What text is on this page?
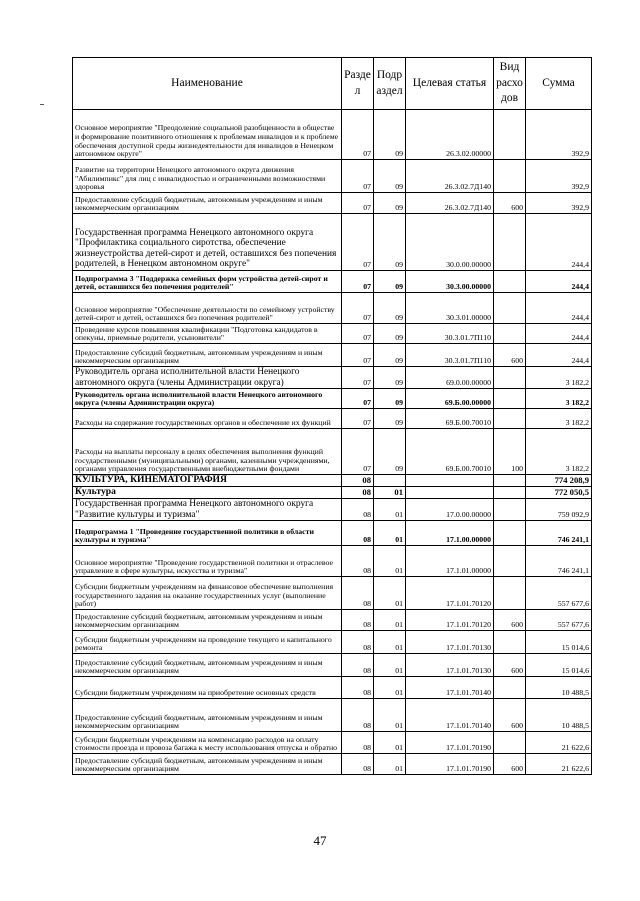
Наименование	Разде л	Подр аздел	Целевая статья	Вид расхо дов	Сумма
Основное мероприятие "Преодоление социальной разобщенности в обществе и формирование позитивного отношения к проблемам инвалидов и к проблеме обеспечения доступной среды жизнедеятельности для инвалидов в Ненецком автономном округе"	07	09	26.3.02.00000		392,9
Развитие на территории Ненецкого автономного округа движения "Абилимпикс" для лиц с инвалидностью и ограниченными возможностями здоровья	07	09	26.3.02.7Д140		392,9
Предоставление субсидий бюджетным, автономным учреждениям и иным некоммерческим организациям	07	09	26.3.02.7Д140	600	392,9
Государственная программа Ненецкого автономного округа "Профилактика социального сиротства, обеспечение жизнеустройства детей-сирот и детей, оставшихся без попечения родителей, в Ненецком автономном округе"	07	09	30.0.00.00000		244,4
Подпрограмма 3 "Поддержка семейных форм устройства детей-сирот и детей, оставшихся без попечения родителей"	07	09	30.3.00.00000		244,4
Основное мероприятие "Обеспечение деятельности по семейному устройству детей-сирот и детей, оставшихся без попечения родителей"	07	09	30.3.01.00000		244,4
Проведение курсов повышения квалификации "Подготовка кандидатов в опекуны, приемные родители, усыновители"	07	09	30.3.01.7П110		244,4
Предоставление субсидий бюджетным, автономным учреждениям и иным некоммерческим организациям	07	09	30.3.01.7П110	600	244,4
Руководитель органа исполнительной власти Ненецкого автономного округа (члены Администрации округа)	07	09	69.0.00.00000		3 182,2
Руководитель органа исполнительной власти Ненецкого автономного округа (члены Администрации округа)	07	09	69.Б.00.00000		3 182,2
Расходы на содержание государственных органов и обеспечение их функций	07	09	69.Б.00.70010		3 182,2
Расходы на выплаты персоналу в целях обеспечения выполнения функций государственными (муниципальными) органами, казенными учреждениями, органами управления государственными внебюджетными фондами	07	09	69.Б.00.70010	100	3 182,2
КУЛЬТУРА, КИНЕМАТОГРАФИЯ	08				774 208,9
Культура	08	01			772 050,5
Государственная программа Ненецкого автономного округа "Развитие культуры и туризма"	08	01	17.0.00.00000		759 092,9
Подпрограмма 1 "Проведение государственной политики в области культуры и туризма"	08	01	17.1.00.00000		746 241,1
Основное мероприятие "Проведение государственной политики и отраслевое управление в сфере культуры, искусства и туризма"	08	01	17.1.01.00000		746 241,1
Субсидии бюджетным учреждениям на финансовое обеспечение выполнения государственного задания на оказание государственных услуг (выполнение работ)	08	01	17.1.01.70120		557 677,6
Предоставление субсидий бюджетным, автономным учреждениям и иным некоммерческим организациям	08	01	17.1.01.70120	600	557 677,6
Субсидии бюджетным учреждениям на проведение текущего и капитального ремонта	08	01	17.1.01.70130		15 014,6
Предоставление субсидий бюджетным, автономным учреждениям и иным некоммерческим организациям	08	01	17.1.01.70130	600	15 014,6
Субсидии бюджетным учреждениям на приобретение основных средств	08	01	17.1.01.70140		10 488,5
Предоставление субсидий бюджетным, автономным учреждениям и иным некоммерческим организациям	08	01	17.1.01.70140	600	10 488,5
Субсидии бюджетным учреждениям на компенсацию расходов на оплату стоимости проезда и провоза багажа к месту использования отпуска и обратно	08	01	17.1.01.70190		21 622,6
Предоставление субсидий бюджетным, автономным учреждениям и иным некоммерческим организациям	08	01	17.1.01.70190	600	21 622,6
47
